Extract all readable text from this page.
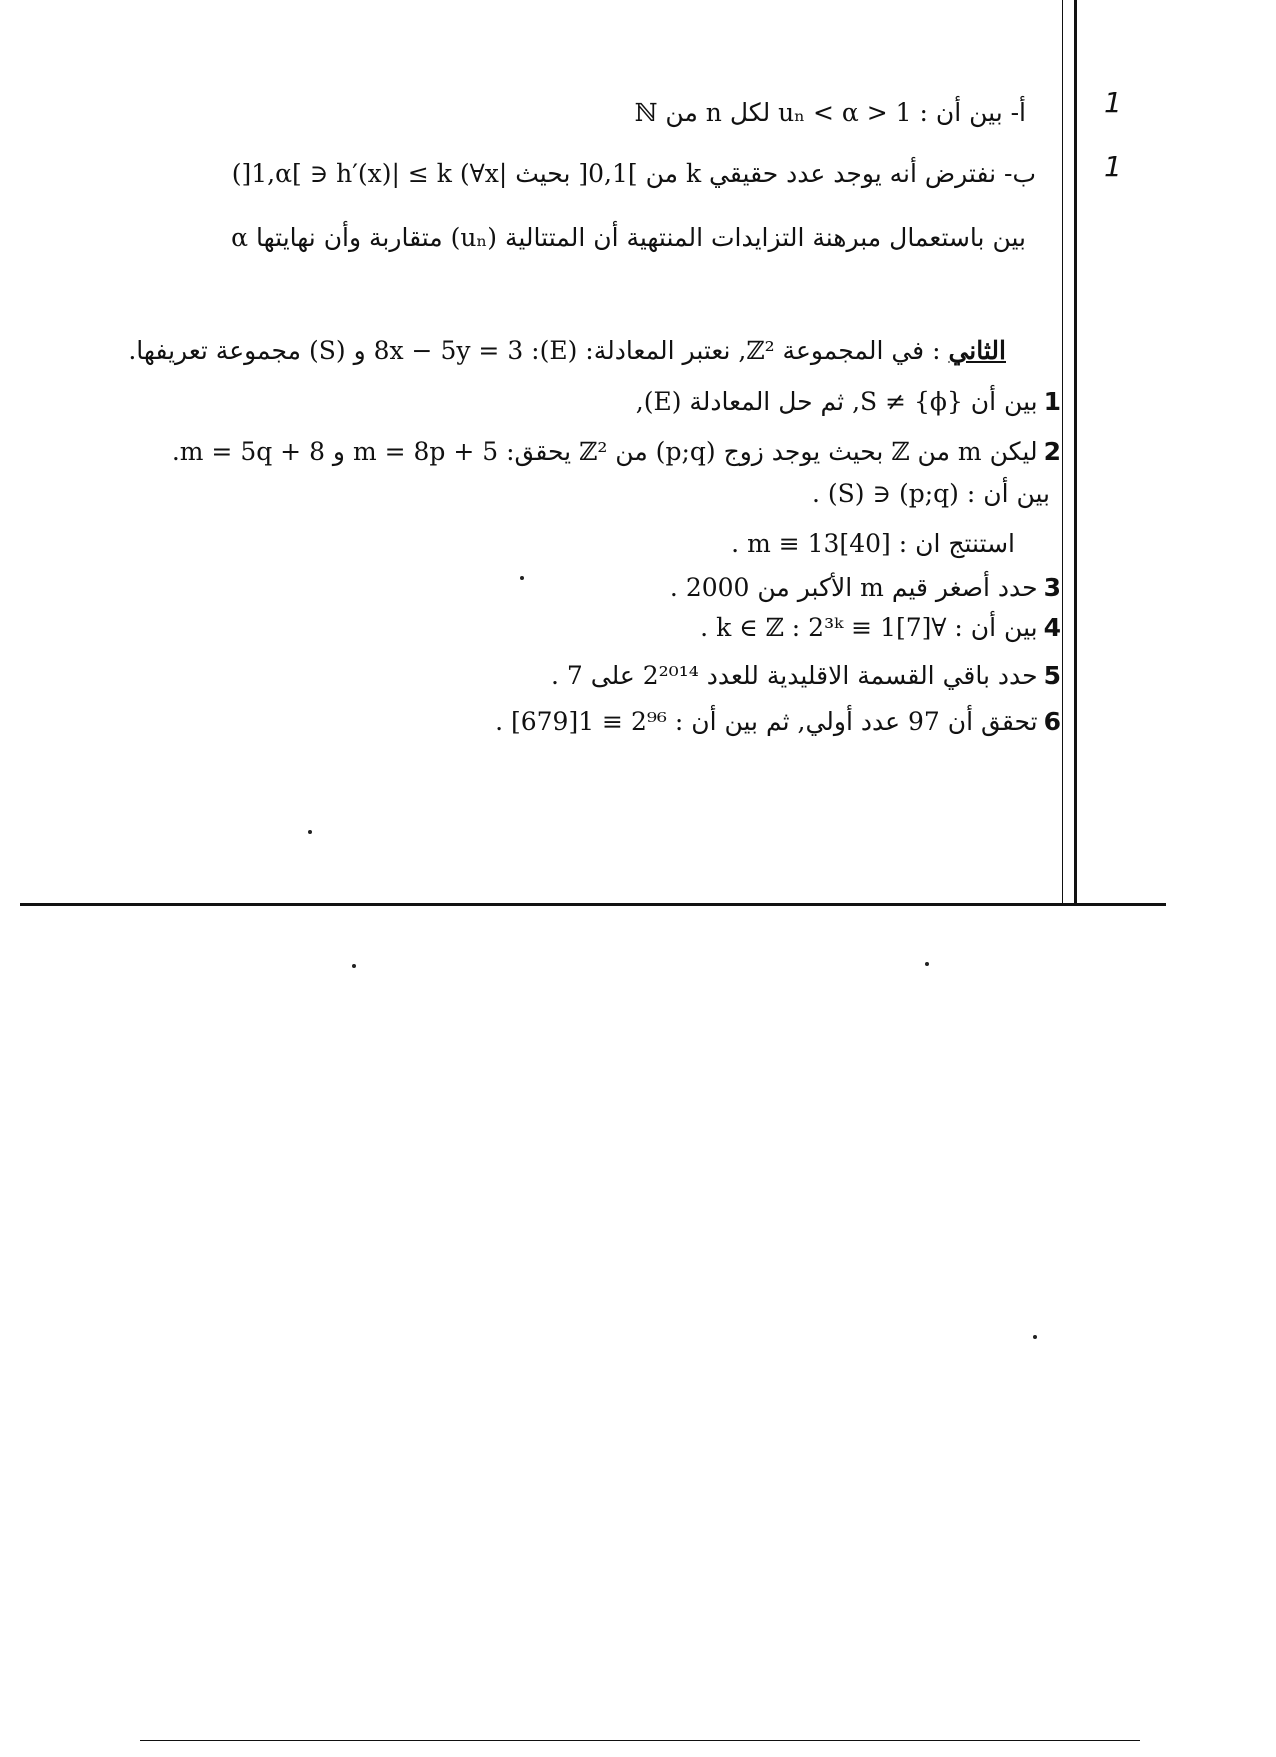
1
1
أ- بين أن : 1 < uₙ < α لكل n من ℕ
ب- نفترض أنه يوجد عدد حقيقي k من ]0,1[ بحيث |h′(x)| ≤ k (∀x ∈ ]1,α[)
بين باستعمال مبرهنة التزايدات المنتهية أن المتتالية (uₙ) متقاربة وأن نهايتها α
الثاني : في المجموعة ℤ², نعتبر المعادلة: (E): 8x − 5y = 3 و (S) مجموعة تعريفها.
1بين أن S ≠ {ϕ}, ثم حل المعادلة (E),
2ليكن m من ℤ بحيث يوجد زوج (p;q) من ℤ² يحقق: m = 8p + 5 و m = 5q + 8.
بين أن : (p;q) ∈ (S) .
استنتج ان : m ≡ 13[40] .
3حدد أصغر قيم m الأكبر من 2000 .
4بين أن : ∀k ∈ ℤ : 2³ᵏ ≡ 1[7] .
5حدد باقي القسمة الاقليدية للعدد 2²⁰¹⁴ على 7 .
6تحقق أن 97 عدد أولي, ثم بين أن : 2⁹⁶ ≡ 1[679] .
